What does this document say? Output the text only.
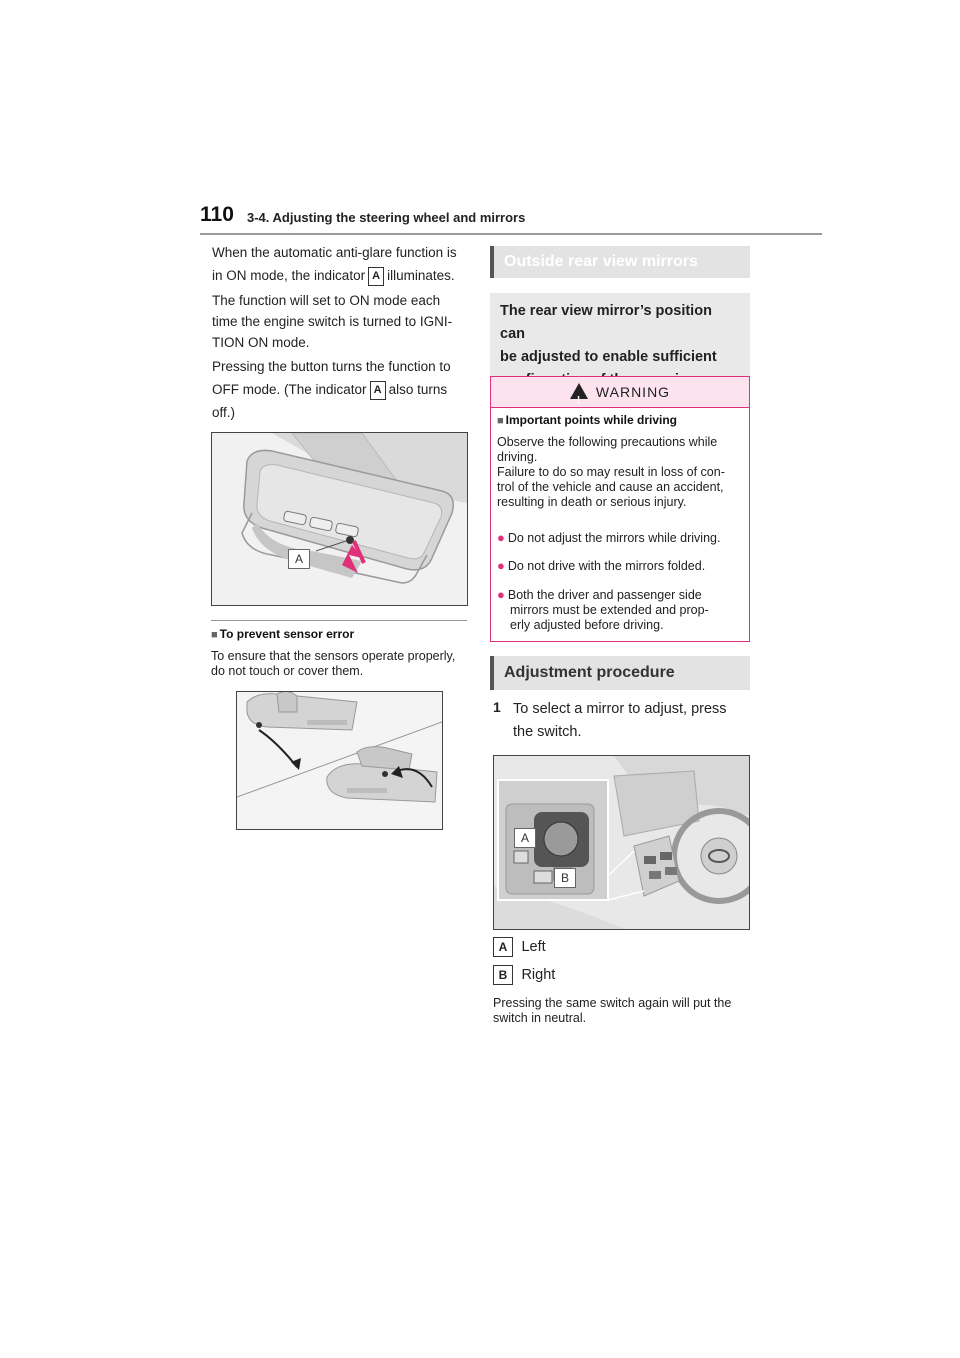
110 3-4. Adjusting the steering wheel and mirrors
When the automatic anti-glare function is
in ON mode, the indicator A illuminates.
The function will set to ON mode each
time the engine switch is turned to IGNI-
TION ON mode.
Pressing the button turns the function to
OFF mode. (The indicator A also turns
off.)
A
■ To prevent sensor error
To ensure that the sensors operate properly,
do not touch or cover them.
Outside rear view mirrors
The rear view mirror’s position can
be adjusted to enable sufficient
!WARNING
■ Important points while driving
Observe the following precautions while
driving.
Failure to do so may result in loss of con-
trol of the vehicle and cause an accident,
resulting in death or serious injury.
● Do not adjust the mirrors while driving.
● Do not drive with the mirrors folded.
● Both the driver and passenger side
mirrors must be extended and prop-
erly adjusted before driving.
Adjustment procedure
1 To select a mirror to adjust, press
the switch.
A
B
A Left
B Right
Pressing the same switch again will put the
switch in neutral.
